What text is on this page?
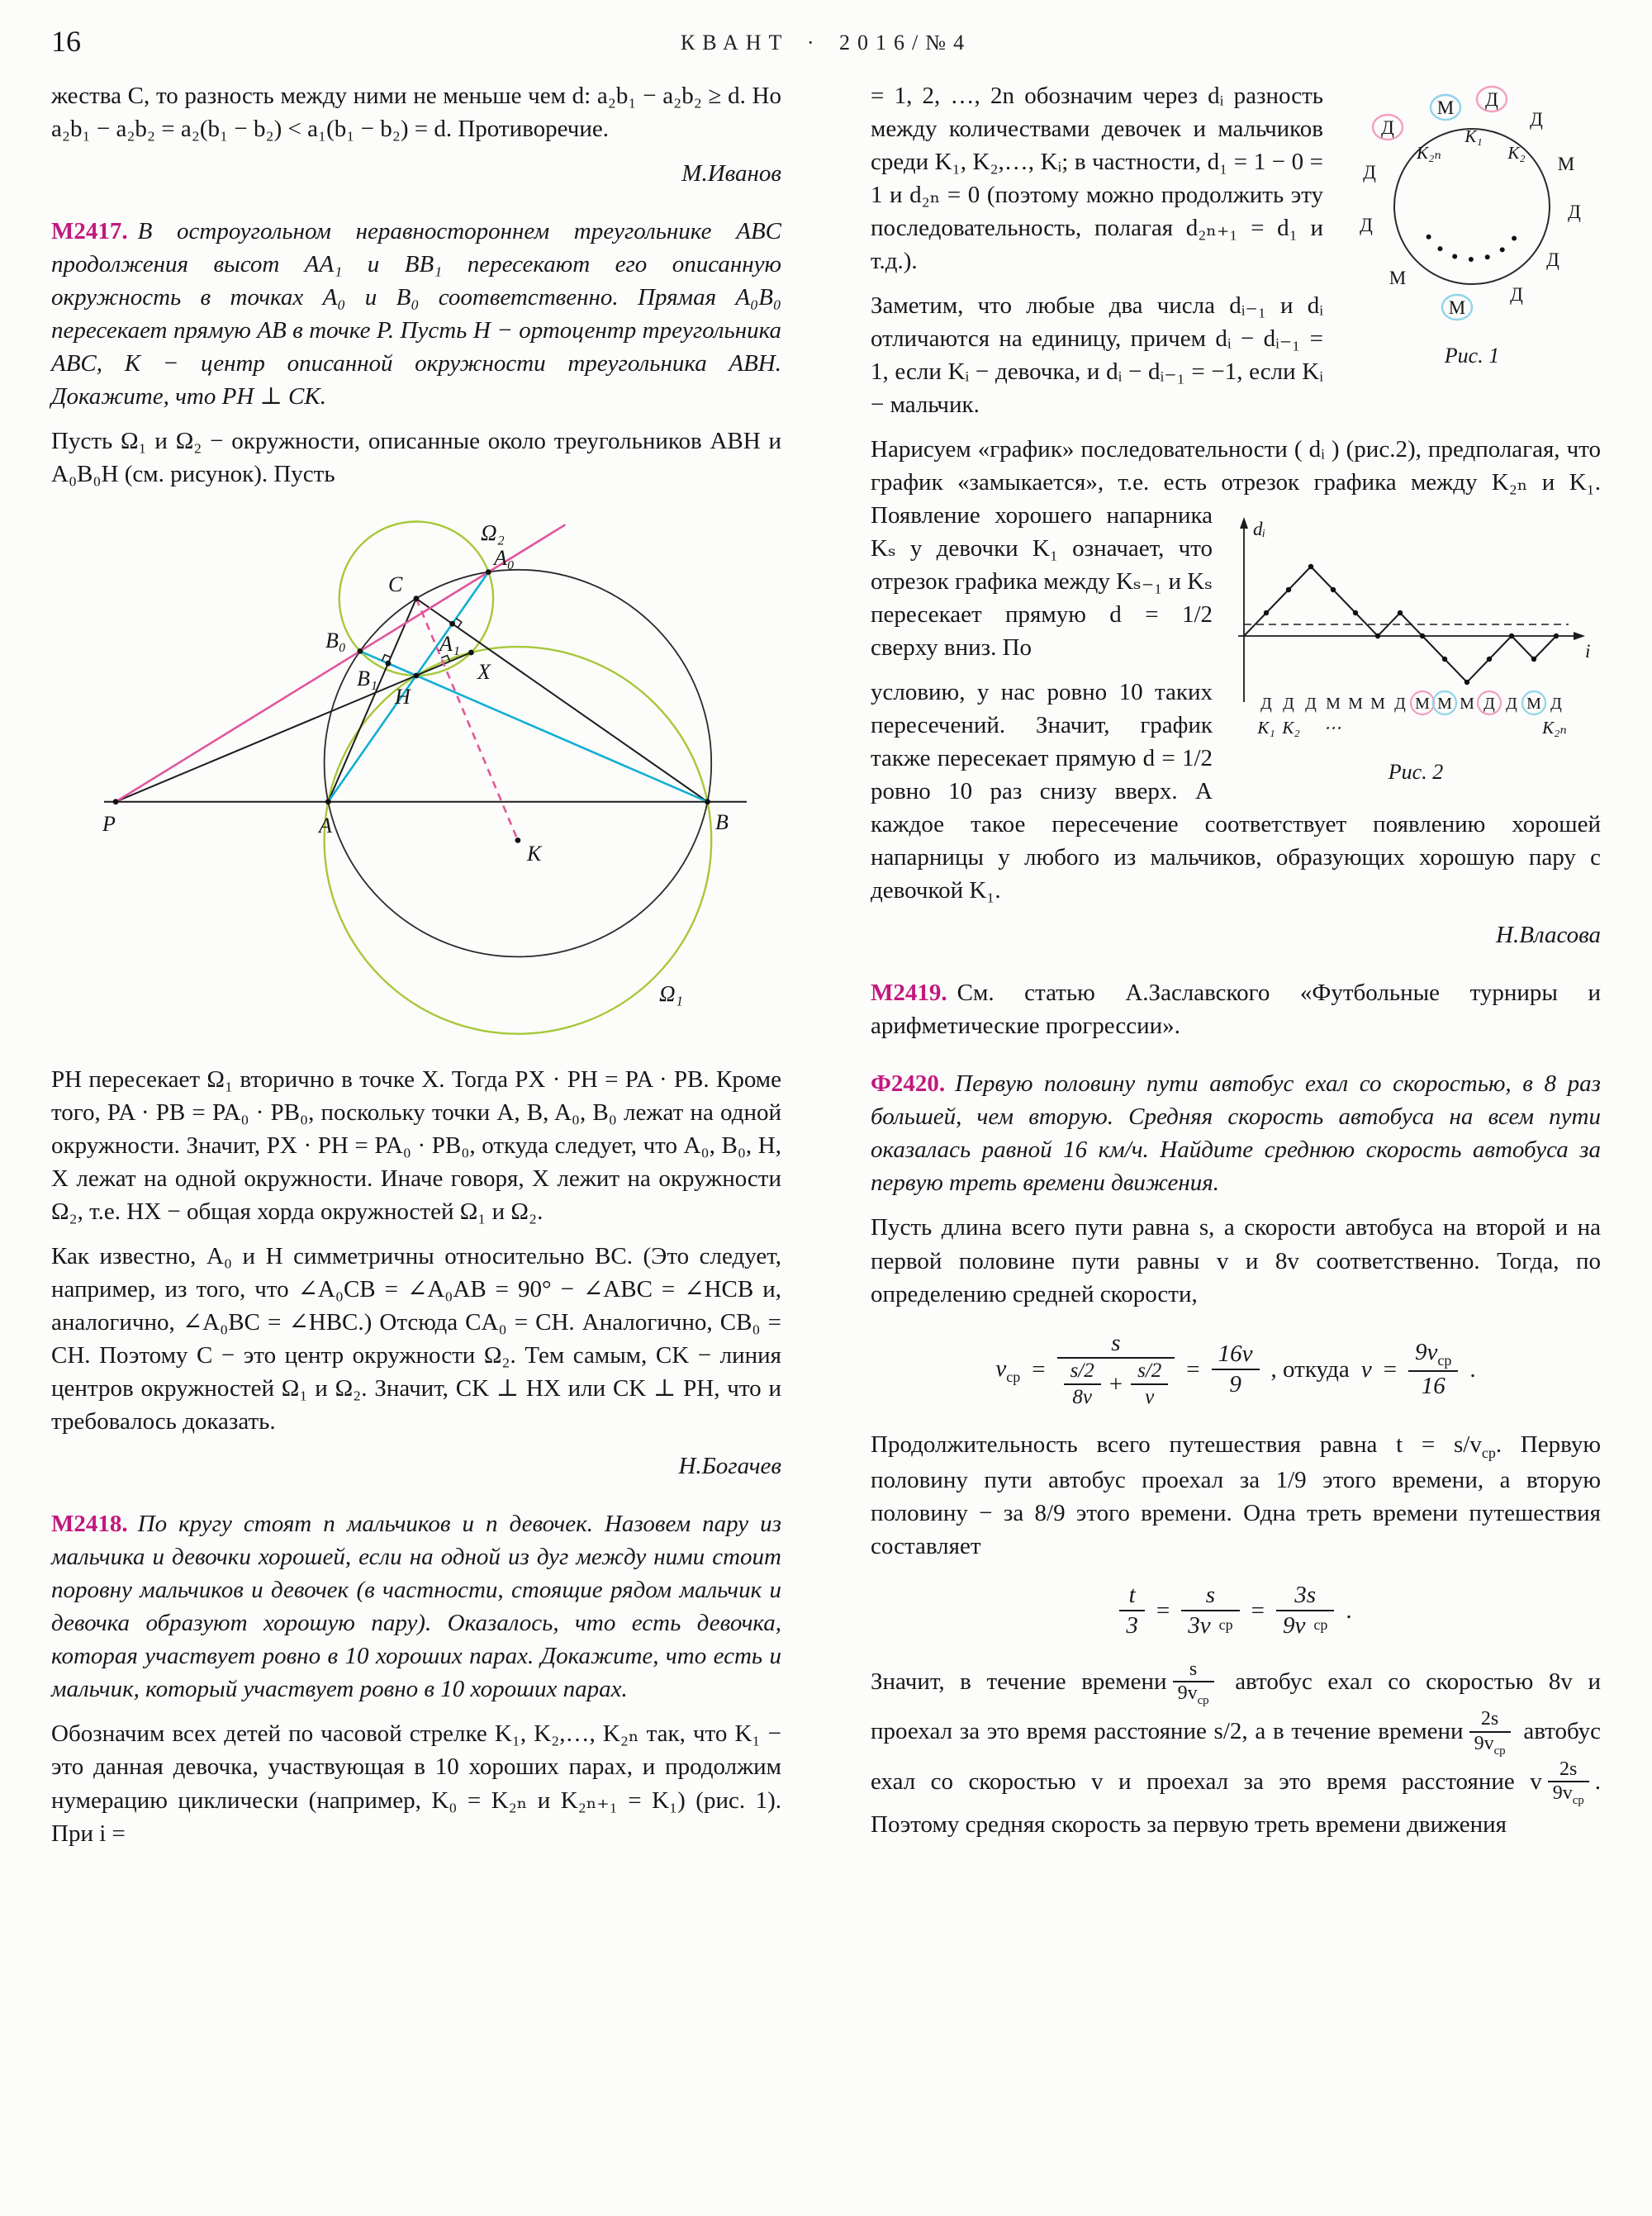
16	КВАНТ · 2016/№4

жества C, то разность между ними не меньше чем d: a₂b₁ − a₂b₂ ≥ d. Но a₂b₁ − a₂b₂ = a₂(b₁ − b₂) < a₁(b₁ − b₂) = d. Противоречие.

М.Иванов

М2417. В остроугольном неравностороннем треугольнике ABC продолжения высот AA₁ и BB₁ пересекают его описанную окружность в точках A₀ и B₀ соответственно. Прямая A₀B₀ пересекает прямую AB в точке P. Пусть H − ортоцентр треугольника ABC, K − центр описанной окружности треугольника ABH. Докажите, что PH ⊥ CK.

Пусть Ω₁ и Ω₂ − окружности, описанные около треугольников ABH и A₀B₀H (см. рисунок). Пусть

P	A	B
C
A₀
B₀	A₁
B₁
H
X
K
Ω₂
Ω₁

PH пересекает Ω₁ вторично в точке X. Тогда PX · PH = PA · PB. Кроме того, PA · PB = PA₀ · PB₀, поскольку точки A, B, A₀, B₀ лежат на одной окружности. Значит, PX · PH = PA₀ · PB₀, откуда следует, что A₀, B₀, H, X лежат на одной окружности. Иначе говоря, X лежит на окружности Ω₂, т.е. HX − общая хорда окружностей Ω₁ и Ω₂.

Как известно, A₀ и H симметричны относительно BC. (Это следует, например, из того, что ∠A₀CB = ∠A₀AB = 90° − ∠ABC = ∠HCB и, аналогично, ∠A₀BC = ∠HBC.) Отсюда CA₀ = CH. Аналогично, CB₀ = CH. Поэтому C − это центр окружности Ω₂. Тем самым, CK − линия центров окружностей Ω₁ и Ω₂. Значит, CK ⊥ HX или CK ⊥ PH, что и требовалось доказать.

Н.Богачев

М2418. По кругу стоят n мальчиков и n девочек. Назовем пару из мальчика и девочки хорошей, если на одной из дуг между ними стоит поровну мальчиков и девочек (в частности, стоящие рядом мальчик и девочка образуют хорошую пару). Оказалось, что есть девочка, которая участвует ровно в 10 хороших парах. Докажите, что есть и мальчик, который участвует ровно в 10 хороших парах.

Обозначим всех детей по часовой стрелке K₁, K₂,…, K₂ₙ так, что K₁ − это данная девочка, участвующая в 10 хороших парах, и продолжим нумерацию циклически (например, K₀ = K₂ₙ и K₂ₙ₊₁ = K₁) (рис. 1). При i =

М Д
Д
М
Д
Д
Д
М
М
Д
Д
Д
K₂ₙ
K₁
K₂
Рис. 1

= 1, 2, …, 2n обозначим через dᵢ разность между количествами девочек и мальчиков среди K₁, K₂,…, Kᵢ; в частности, d₁ = 1 − 0 = 1 и d₂ₙ = 0 (поэтому можно продолжить эту последовательность, полагая d₂ₙ₊₁ = d₁ и т.д.).

Заметим, что любые два числа dᵢ₋₁ и dᵢ отличаются на единицу, причем dᵢ − dᵢ₋₁ = 1, если Kᵢ − девочка, и dᵢ − dᵢ₋₁ = −1, если Kᵢ − мальчик.

Нарисуем «график» последовательности ( dᵢ ) (рис.2), предполагая, что график «замыкается», т.е. есть отрезок графика между K₂ₙ и
dᵢ
i
Д Д Д М М М Д М М М Д Д М Д
K₁ K₂ ⋯	K₂ₙ
Рис. 2
K₁. Появление хорошего напарника Kₛ у девочки K₁ означает, что отрезок графика между Kₛ₋₁ и Kₛ пересекает прямую d = 1/2 сверху вниз. По

условию, у нас ровно 10 таких пересечений. Значит, график также пересекает прямую d = 1/2 ровно 10 раз снизу вверх. А каждое такое пересечение соответствует появлению хорошей напарницы у любого из мальчиков, образующих хорошую пару с девочкой K₁.

Н.Власова

М2419. См. статью А.Заславского «Футбольные турниры и арифметические прогрессии».

Ф2420. Первую половину пути автобус ехал со скоростью, в 8 раз большей, чем вторую. Средняя скорость автобуса на всем пути оказалась равной 16 км/ч. Найдите среднюю скорость автобуса за первую треть времени движения.

Пусть длина всего пути равна s, а скорости автобуса на второй и на первой половине пути равны v и 8v соответственно. Тогда, по определению средней скорости,

$v_{ср}$ =
s
$\frac{s/2}{8v} + \frac{s/2}{v} = \frac{16v}{9}$ , откуда $v = \frac{9v_{ср}}{16}$ .

Продолжительность всего путешествия равна $t = s/v_{ср}$. Первую половину пути автобус проехал за 1/9 этого времени, а вторую половину − за 8/9 этого времени. Одна треть времени путешествия составляет

$\frac{t}{3} = \frac{s}{\text{3v ср}} = \frac{3s}{\text{9v ср}}$ .

Значит, в течение времени $\frac{s}{9v_{ср}}$ автобус ехал со скоростью 8v и проехал за это время расстояние s/2, а в течение времени $\frac{2s}{9v_{ср}}$ автобус ехал со скоростью v и проехал за это время расстояние v $\frac{2s}{9v_{ср}}$ . Поэтому средняя скорость за первую треть времени движения
